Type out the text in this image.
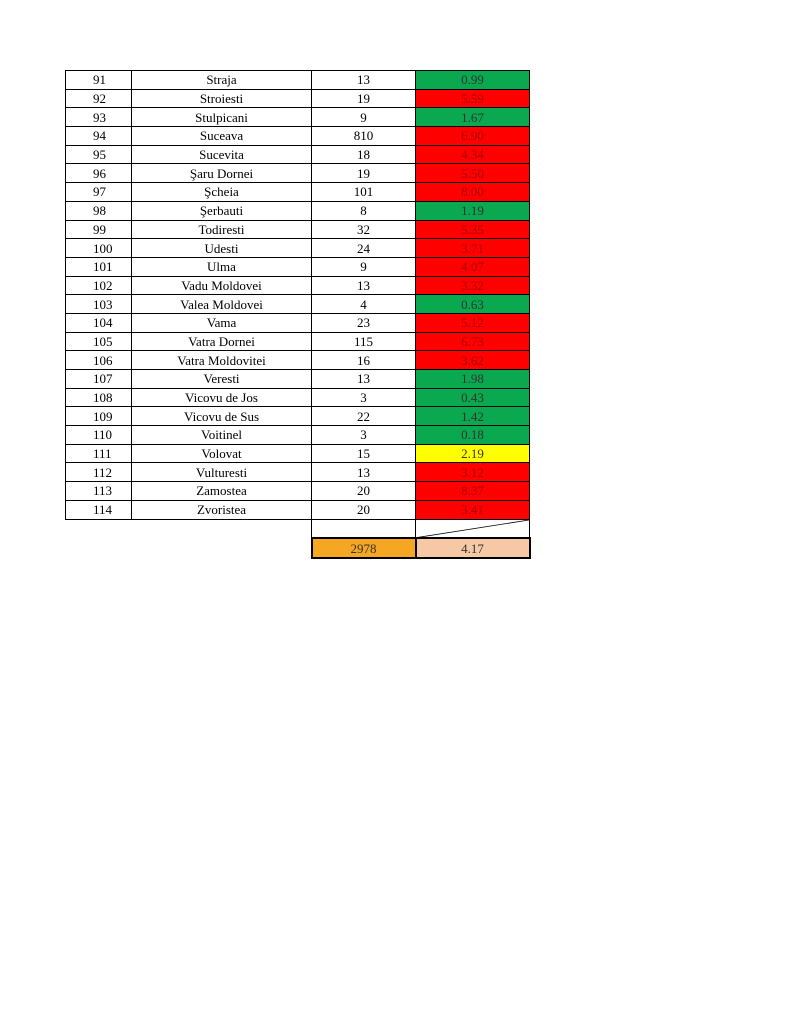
91	Straja	13	0.99
92	Stroiesti	19	5.59
93	Stulpicani	9	1.67
94	Suceava	810	6.90
95	Sucevita	18	4.34
96	Şaru Dornei	19	5.50
97	Şcheia	101	8.00
98	Şerbauti	8	1.19
99	Todiresti	32	5.35
100	Udesti	24	3.71
101	Ulma	9	4.07
102	Vadu Moldovei	13	3.32
103	Valea Moldovei	4	0.63
104	Vama	23	5.12
105	Vatra Dornei	115	6.73
106	Vatra Moldovitei	16	3.62
107	Veresti	13	1.98
108	Vicovu de Jos	3	0.43
109	Vicovu de Sus	22	1.42
110	Voitinel	3	0.18
111	Volovat	15	2.19
112	Vulturesti	13	3.12
113	Zamostea	20	8.37
114	Zvoristea	20	3.41

		2978	4.17
